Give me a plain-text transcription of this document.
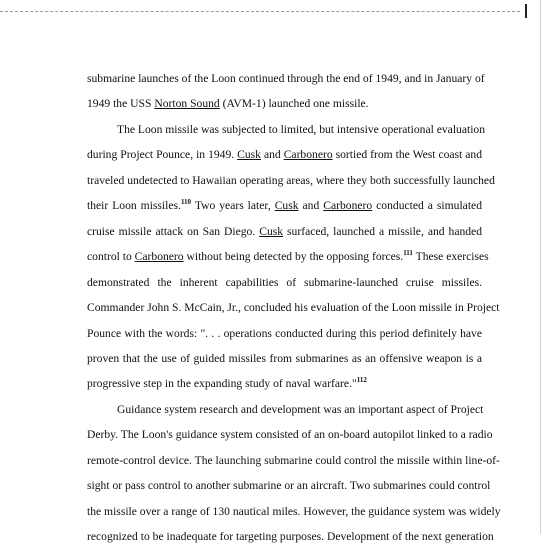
submarine launches of the Loon continued through the end of 1949, and in January of
1949 the USS Norton Sound (AVM-1) launched one missile.
The Loon missile was subjected to limited, but intensive operational evaluation
during Project Pounce, in 1949. Cusk and Carbonero sortied from the West coast and
traveled undetected to Hawaiian operating areas, where they both successfully launched
their Loon missiles.$^{110}$ Two years later, Cusk and Carbonero conducted a simulated
cruise missile attack on San Diego. Cusk surfaced, launched a missile, and handed
control to Carbonero without being detected by the opposing forces.$^{111}$ These exercises
demonstrated the inherent capabilities of submarine-launched cruise missiles.
Commander John S. McCain, Jr., concluded his evaluation of the Loon missile in Project
Pounce with the words: ". . . operations conducted during this period definitely have
proven that the use of guided missiles from submarines as an offensive weapon is a
progressive step in the expanding study of naval warfare."$^{112}$
Guidance system research and development was an important aspect of Project
Derby. The Loon's guidance system consisted of an on-board autopilot linked to a radio
remote-control device. The launching submarine could control the missile within line-of-
sight or pass control to another submarine or an aircraft. Two submarines could control
the missile over a range of 130 nautical miles. However, the guidance system was widely
recognized to be inadequate for targeting purposes. Development of the next generation
